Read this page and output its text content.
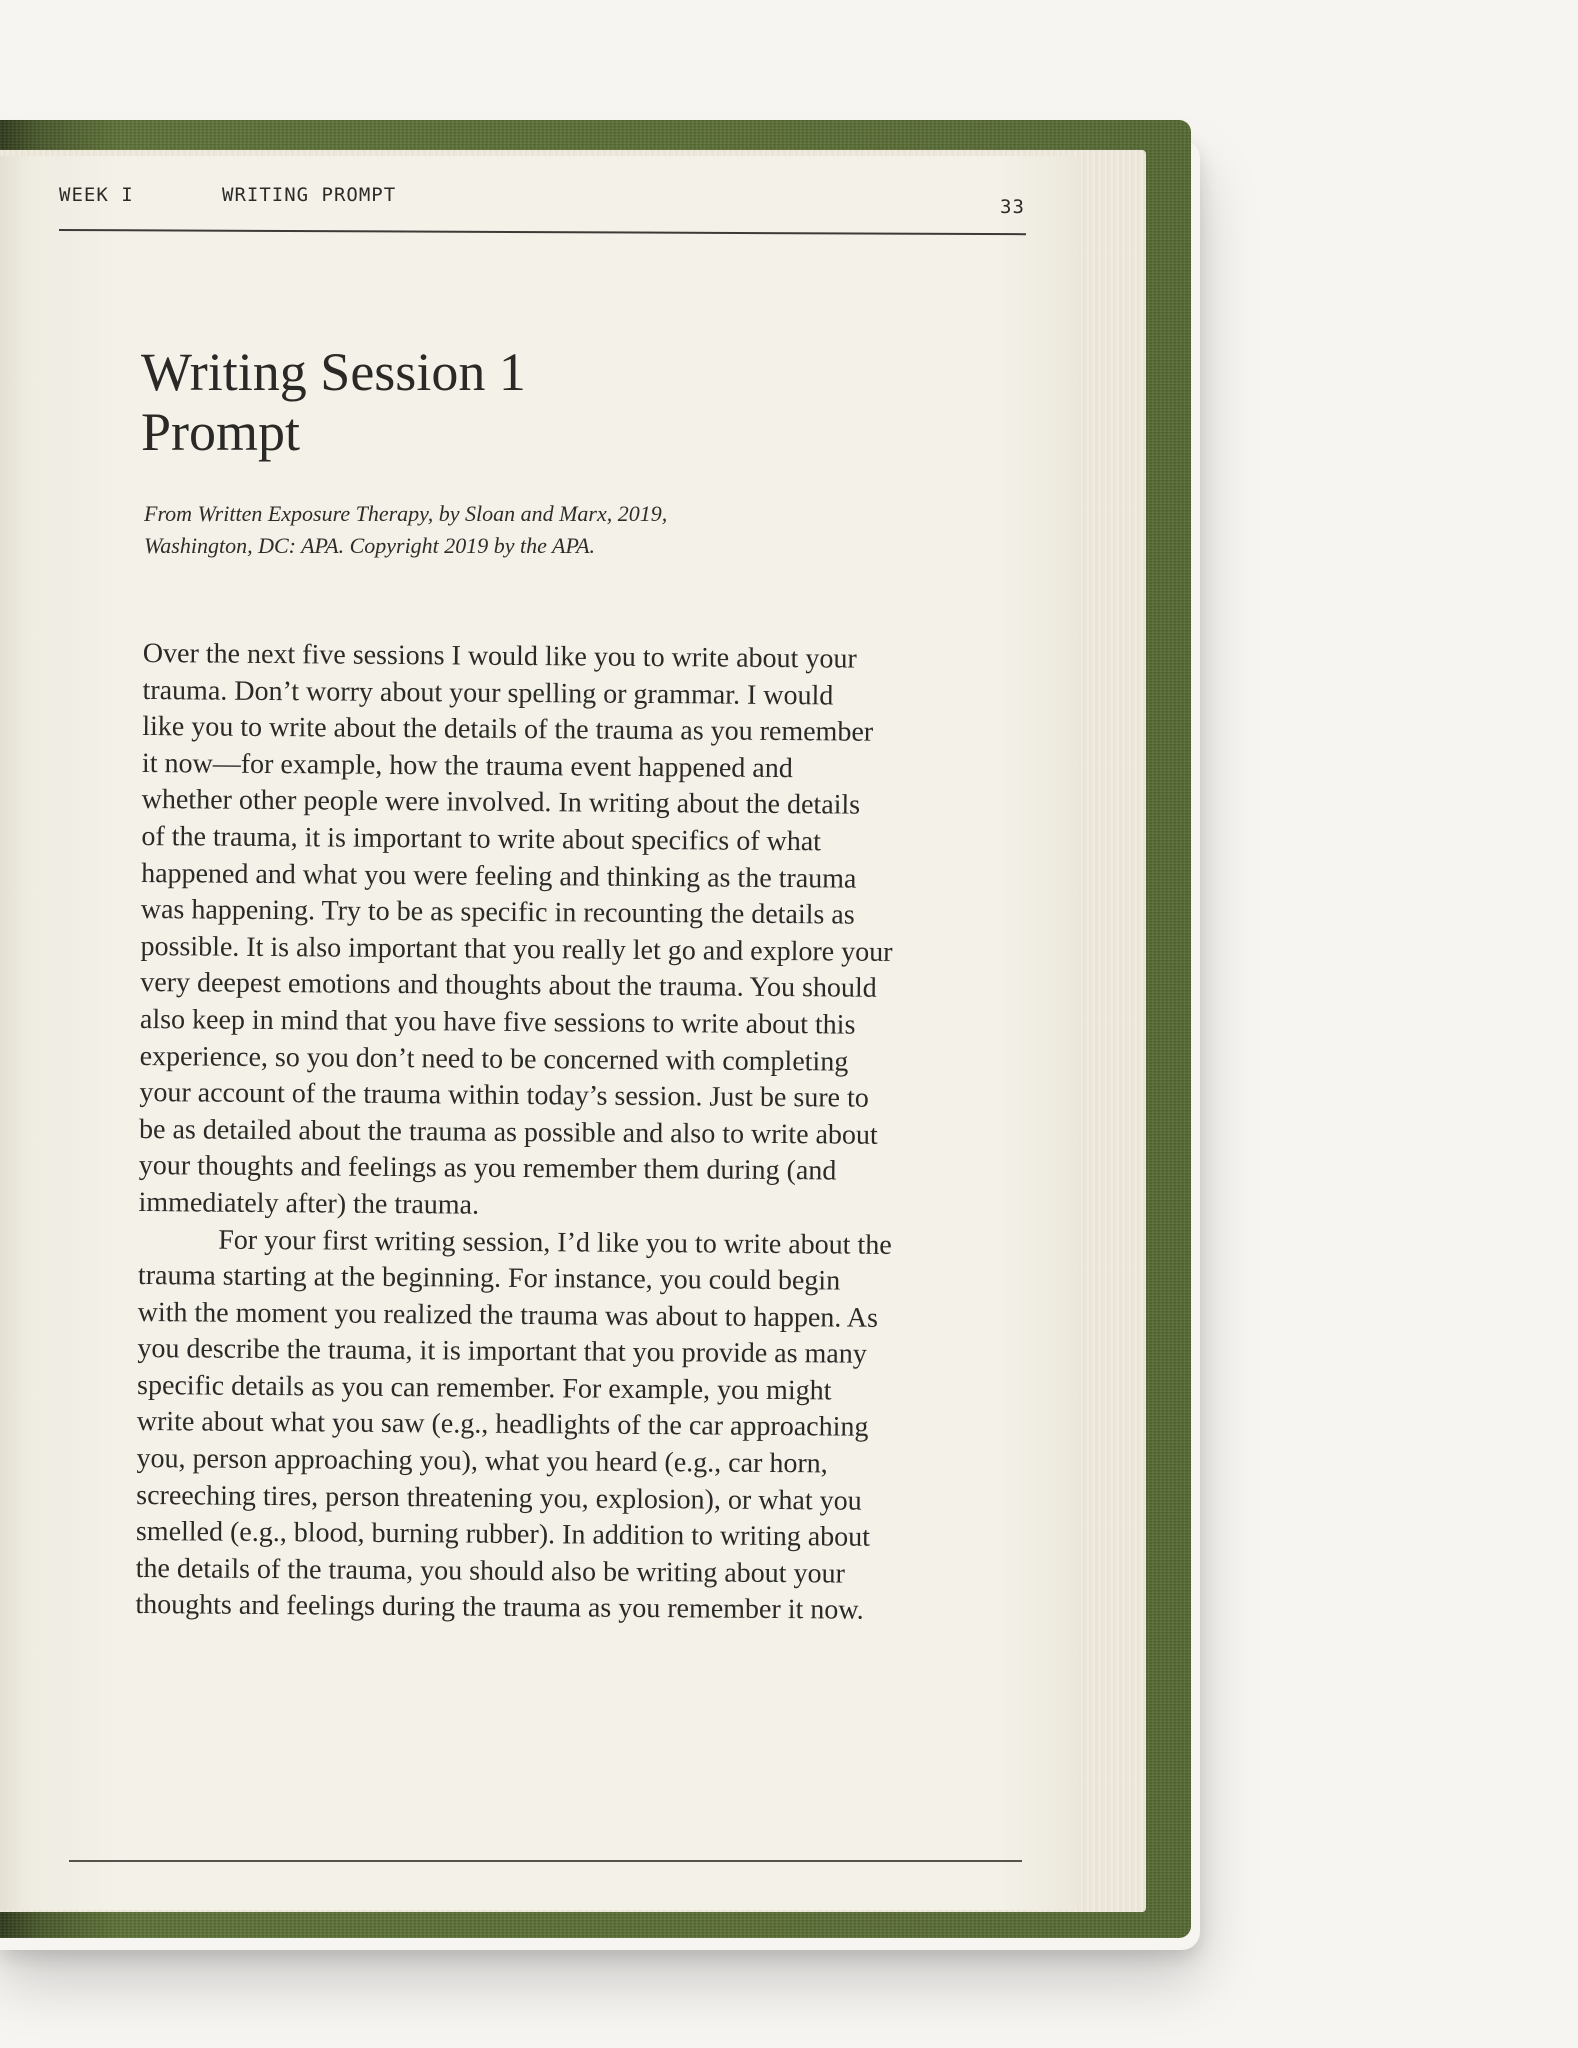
WEEK I	WRITING PROMPT
33
Writing Session 1
Prompt

From Written Exposure Therapy, by Sloan and Marx, 2019,
Washington, DC: APA. Copyright 2019 by the APA.

Over the next five sessions I would like you to write about your
trauma. Don’t worry about your spelling or grammar. I would
like you to write about the details of the trauma as you remember
it now—for example, how the trauma event happened and
whether other people were involved. In writing about the details
of the trauma, it is important to write about specifics of what
happened and what you were feeling and thinking as the trauma
was happening. Try to be as specific in recounting the details as
possible. It is also important that you really let go and explore your
very deepest emotions and thoughts about the trauma. You should
also keep in mind that you have five sessions to write about this
experience, so you don’t need to be concerned with completing
your account of the trauma within today’s session. Just be sure to
be as detailed about the trauma as possible and also to write about
your thoughts and feelings as you remember them during (and
immediately after) the trauma.
For your first writing session, I’d like you to write about the
trauma starting at the beginning. For instance, you could begin
with the moment you realized the trauma was about to happen. As
you describe the trauma, it is important that you provide as many
specific details as you can remember. For example, you might
write about what you saw (e.g., headlights of the car approaching
you, person approaching you), what you heard (e.g., car horn,
screeching tires, person threatening you, explosion), or what you
smelled (e.g., blood, burning rubber). In addition to writing about
the details of the trauma, you should also be writing about your
thoughts and feelings during the trauma as you remember it now.
